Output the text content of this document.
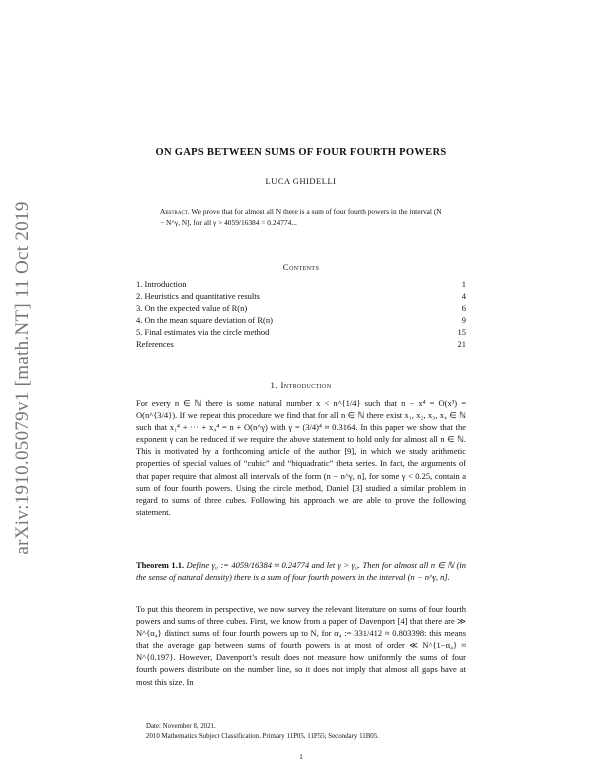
arXiv:1910.05079v1 [math.NT] 11 Oct 2019
ON GAPS BETWEEN SUMS OF FOUR FOURTH POWERS
LUCA GHIDELLI
Abstract. We prove that for almost all N there is a sum of four fourth powers in the interval (N − N^γ, N], for all γ > 4059/16384 = 0.24774...
Contents
1. Introduction	1
2. Heuristics and quantitative results	4
3. On the expected value of R(n)	6
4. On the mean square deviation of R(n)	9
5. Final estimates via the circle method	15
References	21
1. Introduction

For every n ∈ ℕ there is some natural number x < n^{1/4} such that n − x⁴ = O(x³) = O(n^{3/4}). If we repeat this procedure we find that for all n ∈ ℕ there exist x₁, x₂, x₃, x₄ ∈ ℕ such that x₁⁴ + ··· + x₄⁴ = n + O(n^γ) with γ = (3/4)⁴ ≈ 0.3164. In this paper we show that the exponent γ can be reduced if we require the above statement to hold only for almost all n ∈ ℕ. This is motivated by a forthcoming article of the author [9], in which we study arithmetic properties of special values of “cubic” and “biquadratic” theta series. In fact, the arguments of that paper require that almost all intervals of the form (n − n^γ, n], for some γ < 0.25, contain a sum of four fourth powers. Using the circle method, Daniel [3] studied a similar problem in regard to sums of three cubes. Following his approach we are able to prove the following statement.

Theorem 1.1. Define γ₀ := 4059/16384 ≈ 0.24774 and let γ > γ₀. Then for almost all n ∈ ℕ (in the sense of natural density) there is a sum of four fourth powers in the interval (n − n^γ, n].

To put this theorem in perspective, we now survey the relevant literature on sums of four fourth powers and sums of three cubes. First, we know from a paper of Davenport [4] that there are ≫ N^{α₄} distinct sums of four fourth powers up to N, for α₄ := 331/412 ≈ 0.803398: this means that the average gap between sums of fourth powers is at most of order ≪ N^{1−α₄} ≈ N^{0.197}. However, Davenport’s result does not measure how uniformly the sums of four fourth powers distribute on the number line, so it does not imply that almost all gaps have at most this size. In

Date: November 8, 2021.
2010 Mathematics Subject Classification. Primary 11P05, 11P55; Secondary 11B05.
1
